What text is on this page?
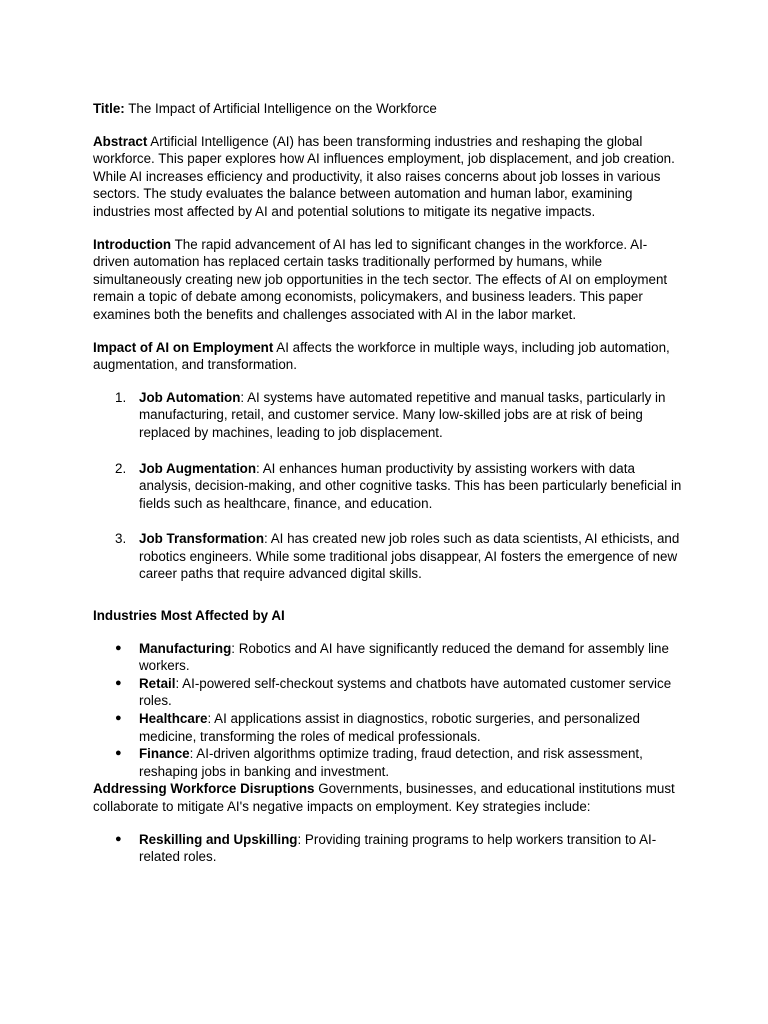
Title: The Impact of Artificial Intelligence on the Workforce

Abstract Artificial Intelligence (AI) has been transforming industries and reshaping the global workforce. This paper explores how AI influences employment, job displacement, and job creation. While AI increases efficiency and productivity, it also raises concerns about job losses in various sectors. The study evaluates the balance between automation and human labor, examining industries most affected by AI and potential solutions to mitigate its negative impacts.

Introduction The rapid advancement of AI has led to significant changes in the workforce. AI-driven automation has replaced certain tasks traditionally performed by humans, while simultaneously creating new job opportunities in the tech sector. The effects of AI on employment remain a topic of debate among economists, policymakers, and business leaders. This paper examines both the benefits and challenges associated with AI in the labor market.

Impact of AI on Employment AI affects the workforce in multiple ways, including job automation, augmentation, and transformation.

1. Job Automation: AI systems have automated repetitive and manual tasks, particularly in manufacturing, retail, and customer service. Many low-skilled jobs are at risk of being replaced by machines, leading to job displacement.
2. Job Augmentation: AI enhances human productivity by assisting workers with data analysis, decision-making, and other cognitive tasks. This has been particularly beneficial in fields such as healthcare, finance, and education.
3. Job Transformation: AI has created new job roles such as data scientists, AI ethicists, and robotics engineers. While some traditional jobs disappear, AI fosters the emergence of new career paths that require advanced digital skills.

Industries Most Affected by AI

● Manufacturing: Robotics and AI have significantly reduced the demand for assembly line workers.
● Retail: AI-powered self-checkout systems and chatbots have automated customer service roles.
● Healthcare: AI applications assist in diagnostics, robotic surgeries, and personalized medicine, transforming the roles of medical professionals.
● Finance: AI-driven algorithms optimize trading, fraud detection, and risk assessment, reshaping jobs in banking and investment.

Addressing Workforce Disruptions Governments, businesses, and educational institutions must collaborate to mitigate AI's negative impacts on employment. Key strategies include:

● Reskilling and Upskilling: Providing training programs to help workers transition to AI-related roles.
